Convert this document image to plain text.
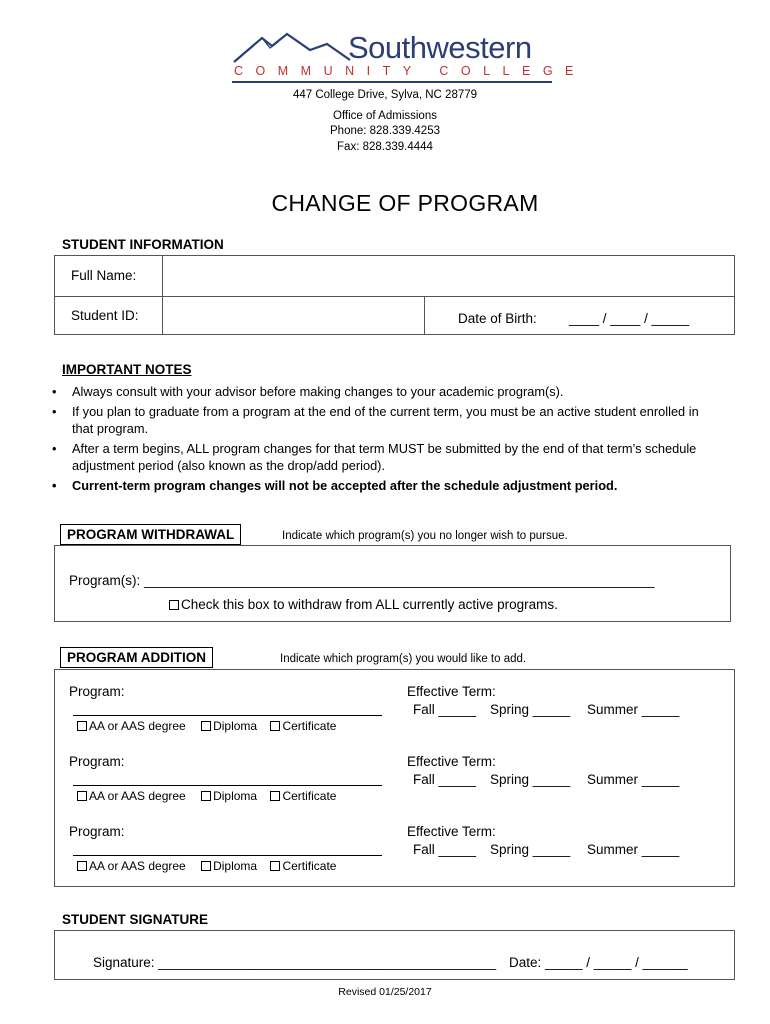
Southwestern
COMMUNITY COLLEGE
447 College Drive, Sylva, NC 28779
Office of Admissions
Phone: 828.339.4253
Fax: 828.339.4444
CHANGE OF PROGRAM
STUDENT INFORMATION
Full Name:
Student ID:	Date of Birth: ____ / ____ / _____
IMPORTANT NOTES
• Always consult with your advisor before making changes to your academic program(s).
• If you plan to graduate from a program at the end of the current term, you must be an active student enrolled in that program.
• After a term begins, ALL program changes for that term MUST be submitted by the end of that term’s schedule adjustment period (also known as the drop/add period).
• Current-term program changes will not be accepted after the schedule adjustment period.
PROGRAM WITHDRAWAL	Indicate which program(s) you no longer wish to pursue.
Program(s): ____________________________________________________________________
Check this box to withdraw from ALL currently active programs.
PROGRAM ADDITION	Indicate which program(s) you would like to add.
Program:
AA or AAS degree Diploma Certificate
Effective Term:
Fall _____ Spring _____ Summer _____
Program:
AA or AAS degree Diploma Certificate
Effective Term:
Fall _____ Spring _____ Summer _____
Program:
AA or AAS degree Diploma Certificate
Effective Term:
Fall _____ Spring _____ Summer _____
STUDENT SIGNATURE
Signature: _____________________________________________ Date: _____ / _____ / ______
Revised 01/25/2017
